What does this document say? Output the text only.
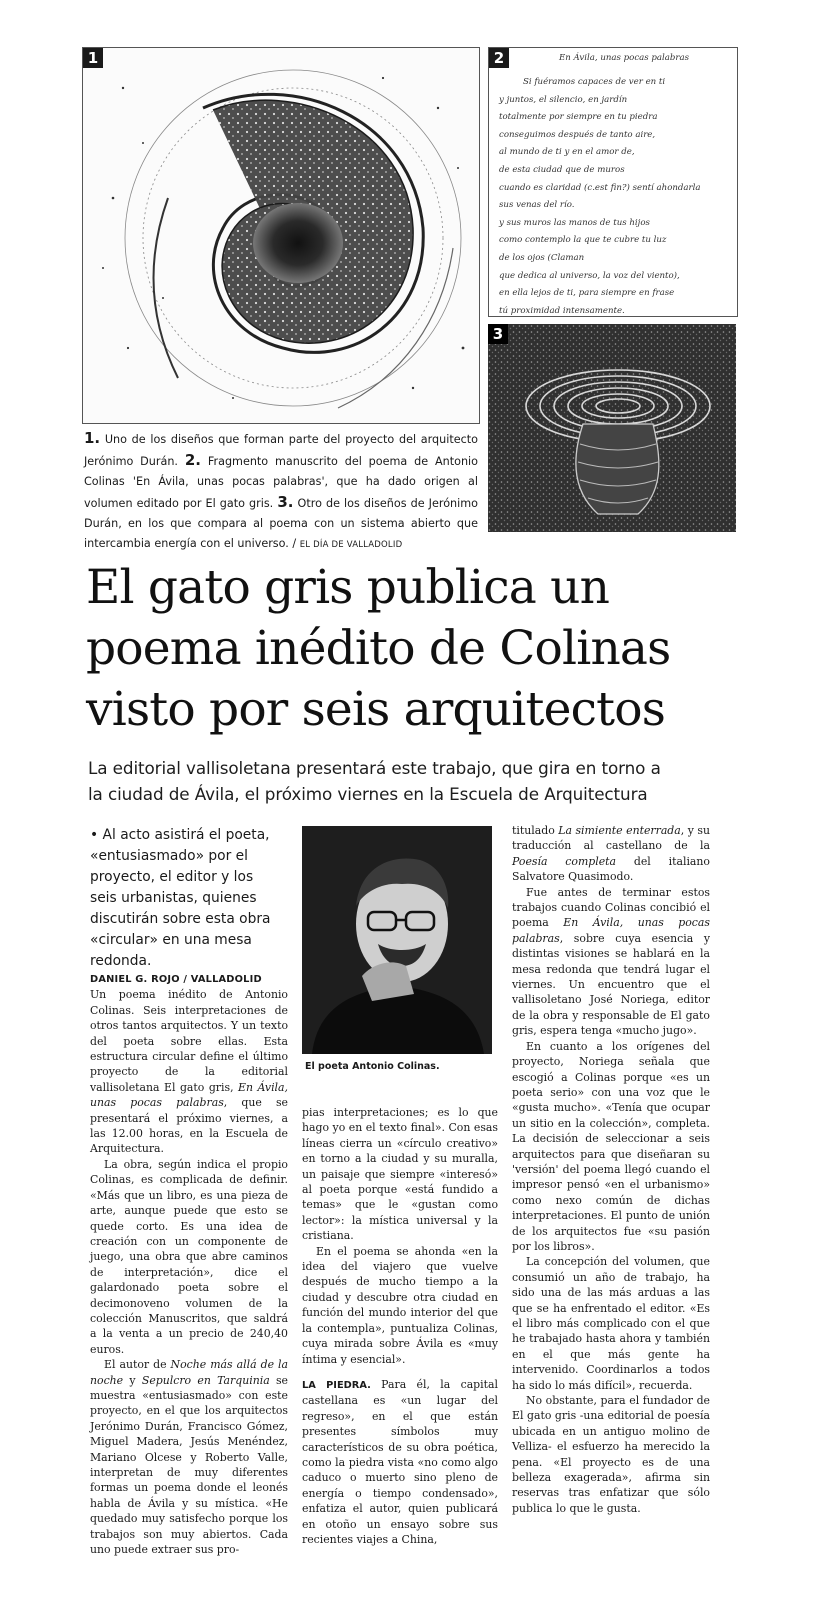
1	2	En Ávila, unas pocas palabras
Si fuéramos capaces de ver en ti
y juntos, el silencio, en jardín
totalmente por siempre en tu piedra
conseguimos después de tanto aire,
al mundo de ti y en el amor de,
de esta ciudad que de muros
cuando es claridad (c.est fin?) sentí ahondarla
sus venas del río.
y sus muros las manos de tus hijos
como contemplo la que te cubre tu luz
de los ojos (Claman
que dedica al universo, la voz del viento),
en ella lejos de ti, para siempre en frase
tú proximidad intensamente.
3
1. Uno de los diseños que forman parte del proyecto del arquitecto Jerónimo Durán. 2. Fragmento manuscrito del poema de Antonio Colinas 'En Ávila, unas pocas palabras', que ha dado origen al volumen editado por El gato gris. 3. Otro de los diseños de Jerónimo Durán, en los que compara al poema con un sistema abierto que intercambia energía con el universo. / EL DÍA DE VALLADOLID
El gato gris publica un
poema inédito de Colinas
visto por seis arquitectos
La editorial vallisoletana presentará este trabajo, que gira en torno a
la ciudad de Ávila, el próximo viernes en la Escuela de Arquitectura
• Al acto asistirá el poeta, «entusiasmado» por el proyecto, el editor y los seis urbanistas, quienes discutirán sobre esta obra «circular» en una mesa redonda.
El poeta Antonio Colinas.

DANIEL G. ROJO / VALLADOLID

Un poema inédito de Antonio Colinas. Seis interpretaciones de otros tantos arquitectos. Y un texto del poeta sobre ellas. Esta estructura circular define el último proyecto de la editorial vallisoletana El gato gris, En Ávila, unas pocas palabras, que se presentará el próximo viernes, a las 12.00 horas, en la Escuela de Arquitectura.

La obra, según indica el propio Colinas, es complicada de definir. «Más que un libro, es una pieza de arte, aunque puede que esto se quede corto. Es una idea de creación con un componente de juego, una obra que abre caminos de interpretación», dice el galardonado poeta sobre el decimonoveno volumen de la colección Manuscritos, que saldrá a la venta a un precio de 240,40 euros.

El autor de Noche más allá de la noche y Sepulcro en Tarquinia se muestra «entusiasmado» con este proyecto, en el que los arquitectos Jerónimo Durán, Francisco Gómez, Miguel Madera, Jesús Menéndez, Mariano Olcese y Roberto Valle, interpretan de muy diferentes formas un poema donde el leonés habla de Ávila y su mística. «He quedado muy satisfecho porque los trabajos son muy abiertos. Cada uno puede extraer sus pro-

pias interpretaciones; es lo que hago yo en el texto final». Con esas líneas cierra un «círculo creativo» en torno a la ciudad y su muralla, un paisaje que siempre «interesó» al poeta porque «está fundido a temas» que le «gustan como lector»: la mística universal y la cristiana.

En el poema se ahonda «en la idea del viajero que vuelve después de mucho tiempo a la ciudad y descubre otra ciudad en función del mundo interior del que la contempla», puntualiza Colinas, cuya mirada sobre Ávila es «muy íntima y esencial».

LA PIEDRA. Para él, la capital castellana es «un lugar del regreso», en el que están presentes símbolos muy característicos de su obra poética, como la piedra vista «no como algo caduco o muerto sino pleno de energía o tiempo condensado», enfatiza el autor, quien publicará en otoño un ensayo sobre sus recientes viajes a China,

titulado La simiente enterrada, y su traducción al castellano de la Poesía completa del italiano Salvatore Quasimodo.

Fue antes de terminar estos trabajos cuando Colinas concibió el poema En Ávila, unas pocas palabras, sobre cuya esencia y distintas visiones se hablará en la mesa redonda que tendrá lugar el viernes. Un encuentro que el vallisoletano José Noriega, editor de la obra y responsable de El gato gris, espera tenga «mucho jugo».

En cuanto a los orígenes del proyecto, Noriega señala que escogió a Colinas porque «es un poeta serio» con una voz que le «gusta mucho». «Tenía que ocupar un sitio en la colección», completa. La decisión de seleccionar a seis arquitectos para que diseñaran su 'versión' del poema llegó cuando el impresor pensó «en el urbanismo» como nexo común de dichas interpretaciones. El punto de unión de los arquitectos fue «su pasión por los libros».

La concepción del volumen, que consumió un año de trabajo, ha sido una de las más arduas a las que se ha enfrentado el editor. «Es el libro más complicado con el que he trabajado hasta ahora y también en el que más gente ha intervenido. Coordinarlos a todos ha sido lo más difícil», recuerda.

No obstante, para el fundador de El gato gris -una editorial de poesía ubicada en un antiguo molino de Velliza- el esfuerzo ha merecido la pena. «El proyecto es de una belleza exagerada», afirma sin reservas tras enfatizar que sólo publica lo que le gusta.
